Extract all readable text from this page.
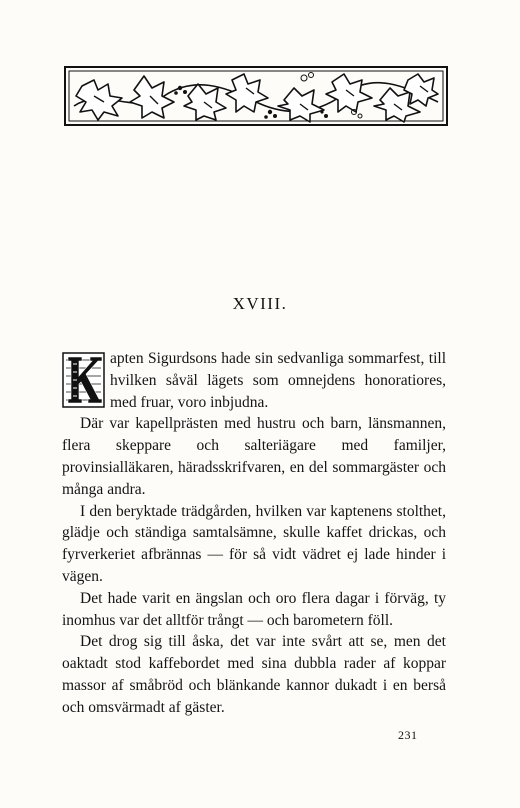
XVIII.

apten Sigurdsons hade sin sedvanliga sommarfest, till hvilken såväl lägets som omnejdens honoratiores, med fruar, voro inbjudna.

Där var kapellprästen med hustru och barn, länsmannen, flera skeppare och salteriägare med familjer, provinsialläkaren, häradsskrifvaren, en del sommargäster och många andra.

I den beryktade trädgården, hvilken var kaptenens stolthet, glädje och ständiga samtalsämne, skulle kaffet drickas, och fyrverkeriet afbrännas — för så vidt vädret ej lade hinder i vägen.

Det hade varit en ängslan och oro flera dagar i förväg, ty inomhus var det alltför trångt — och barometern föll.

Det drog sig till åska, det var inte svårt att se, men det oaktadt stod kaffebordet med sina dubbla rader af koppar massor af småbröd och blänkande kannor dukadt i en berså och omsvärmadt af gäster.

231
